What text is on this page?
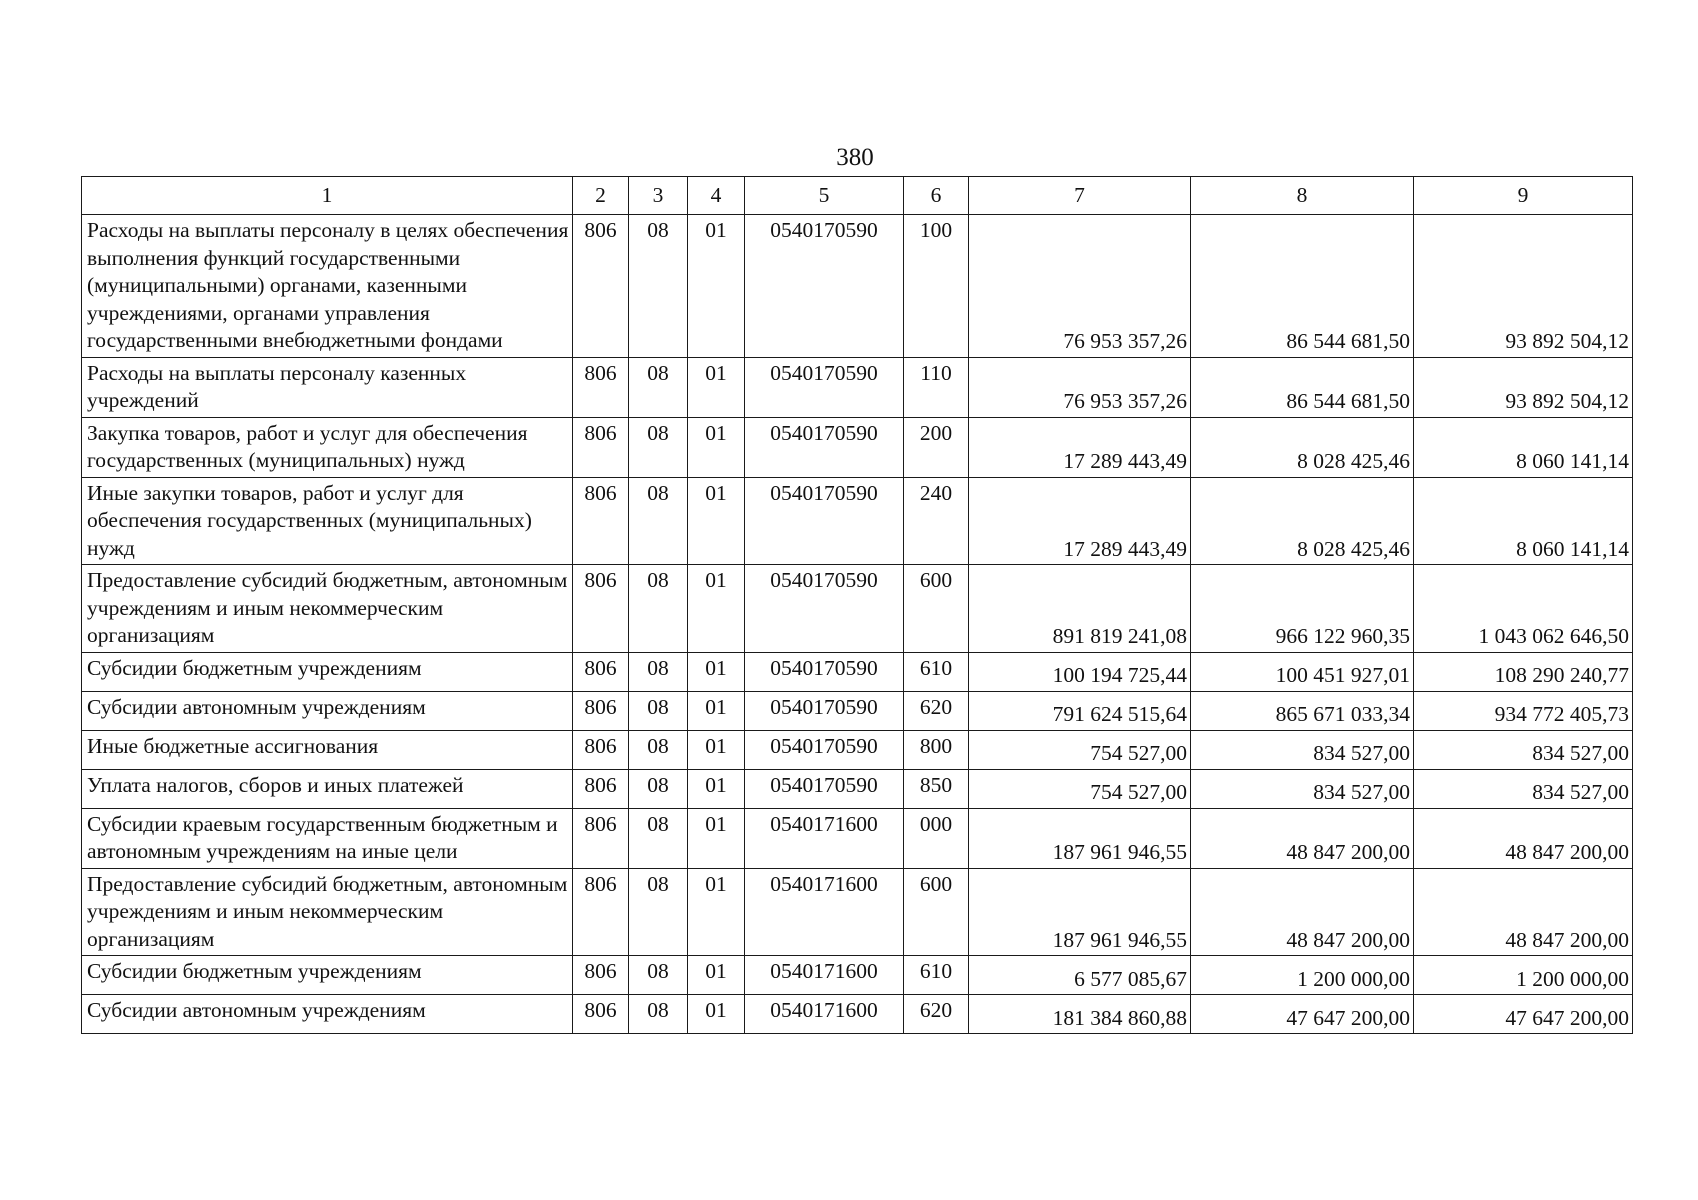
380
1	2	3	4	5	6	7	8	9
Расходы на выплаты персоналу в целях обеспечения выполнения функций государственными (муниципальными) органами, казенными учреждениями, органами управления государственными внебюджетными фондами	806	08	01	0540170590	100	76 953 357,26	86 544 681,50	93 892 504,12
Расходы на выплаты персоналу казенных учреждений	806	08	01	0540170590	110	76 953 357,26	86 544 681,50	93 892 504,12
Закупка товаров, работ и услуг для обеспечения государственных (муниципальных) нужд	806	08	01	0540170590	200	17 289 443,49	8 028 425,46	8 060 141,14
Иные закупки товаров, работ и услуг для обеспечения государственных (муниципальных) нужд	806	08	01	0540170590	240	17 289 443,49	8 028 425,46	8 060 141,14
Предоставление субсидий бюджетным, автономным учреждениям и иным некоммерческим организациям	806	08	01	0540170590	600	891 819 241,08	966 122 960,35	1 043 062 646,50
Субсидии бюджетным учреждениям	806	08	01	0540170590	610	100 194 725,44	100 451 927,01	108 290 240,77
Субсидии автономным учреждениям	806	08	01	0540170590	620	791 624 515,64	865 671 033,34	934 772 405,73
Иные бюджетные ассигнования	806	08	01	0540170590	800	754 527,00	834 527,00	834 527,00
Уплата налогов, сборов и иных платежей	806	08	01	0540170590	850	754 527,00	834 527,00	834 527,00
Субсидии краевым государственным бюджетным и автономным учреждениям на иные цели	806	08	01	0540171600	000	187 961 946,55	48 847 200,00	48 847 200,00
Предоставление субсидий бюджетным, автономным учреждениям и иным некоммерческим организациям	806	08	01	0540171600	600	187 961 946,55	48 847 200,00	48 847 200,00
Субсидии бюджетным учреждениям	806	08	01	0540171600	610	6 577 085,67	1 200 000,00	1 200 000,00
Субсидии автономным учреждениям	806	08	01	0540171600	620	181 384 860,88	47 647 200,00	47 647 200,00
